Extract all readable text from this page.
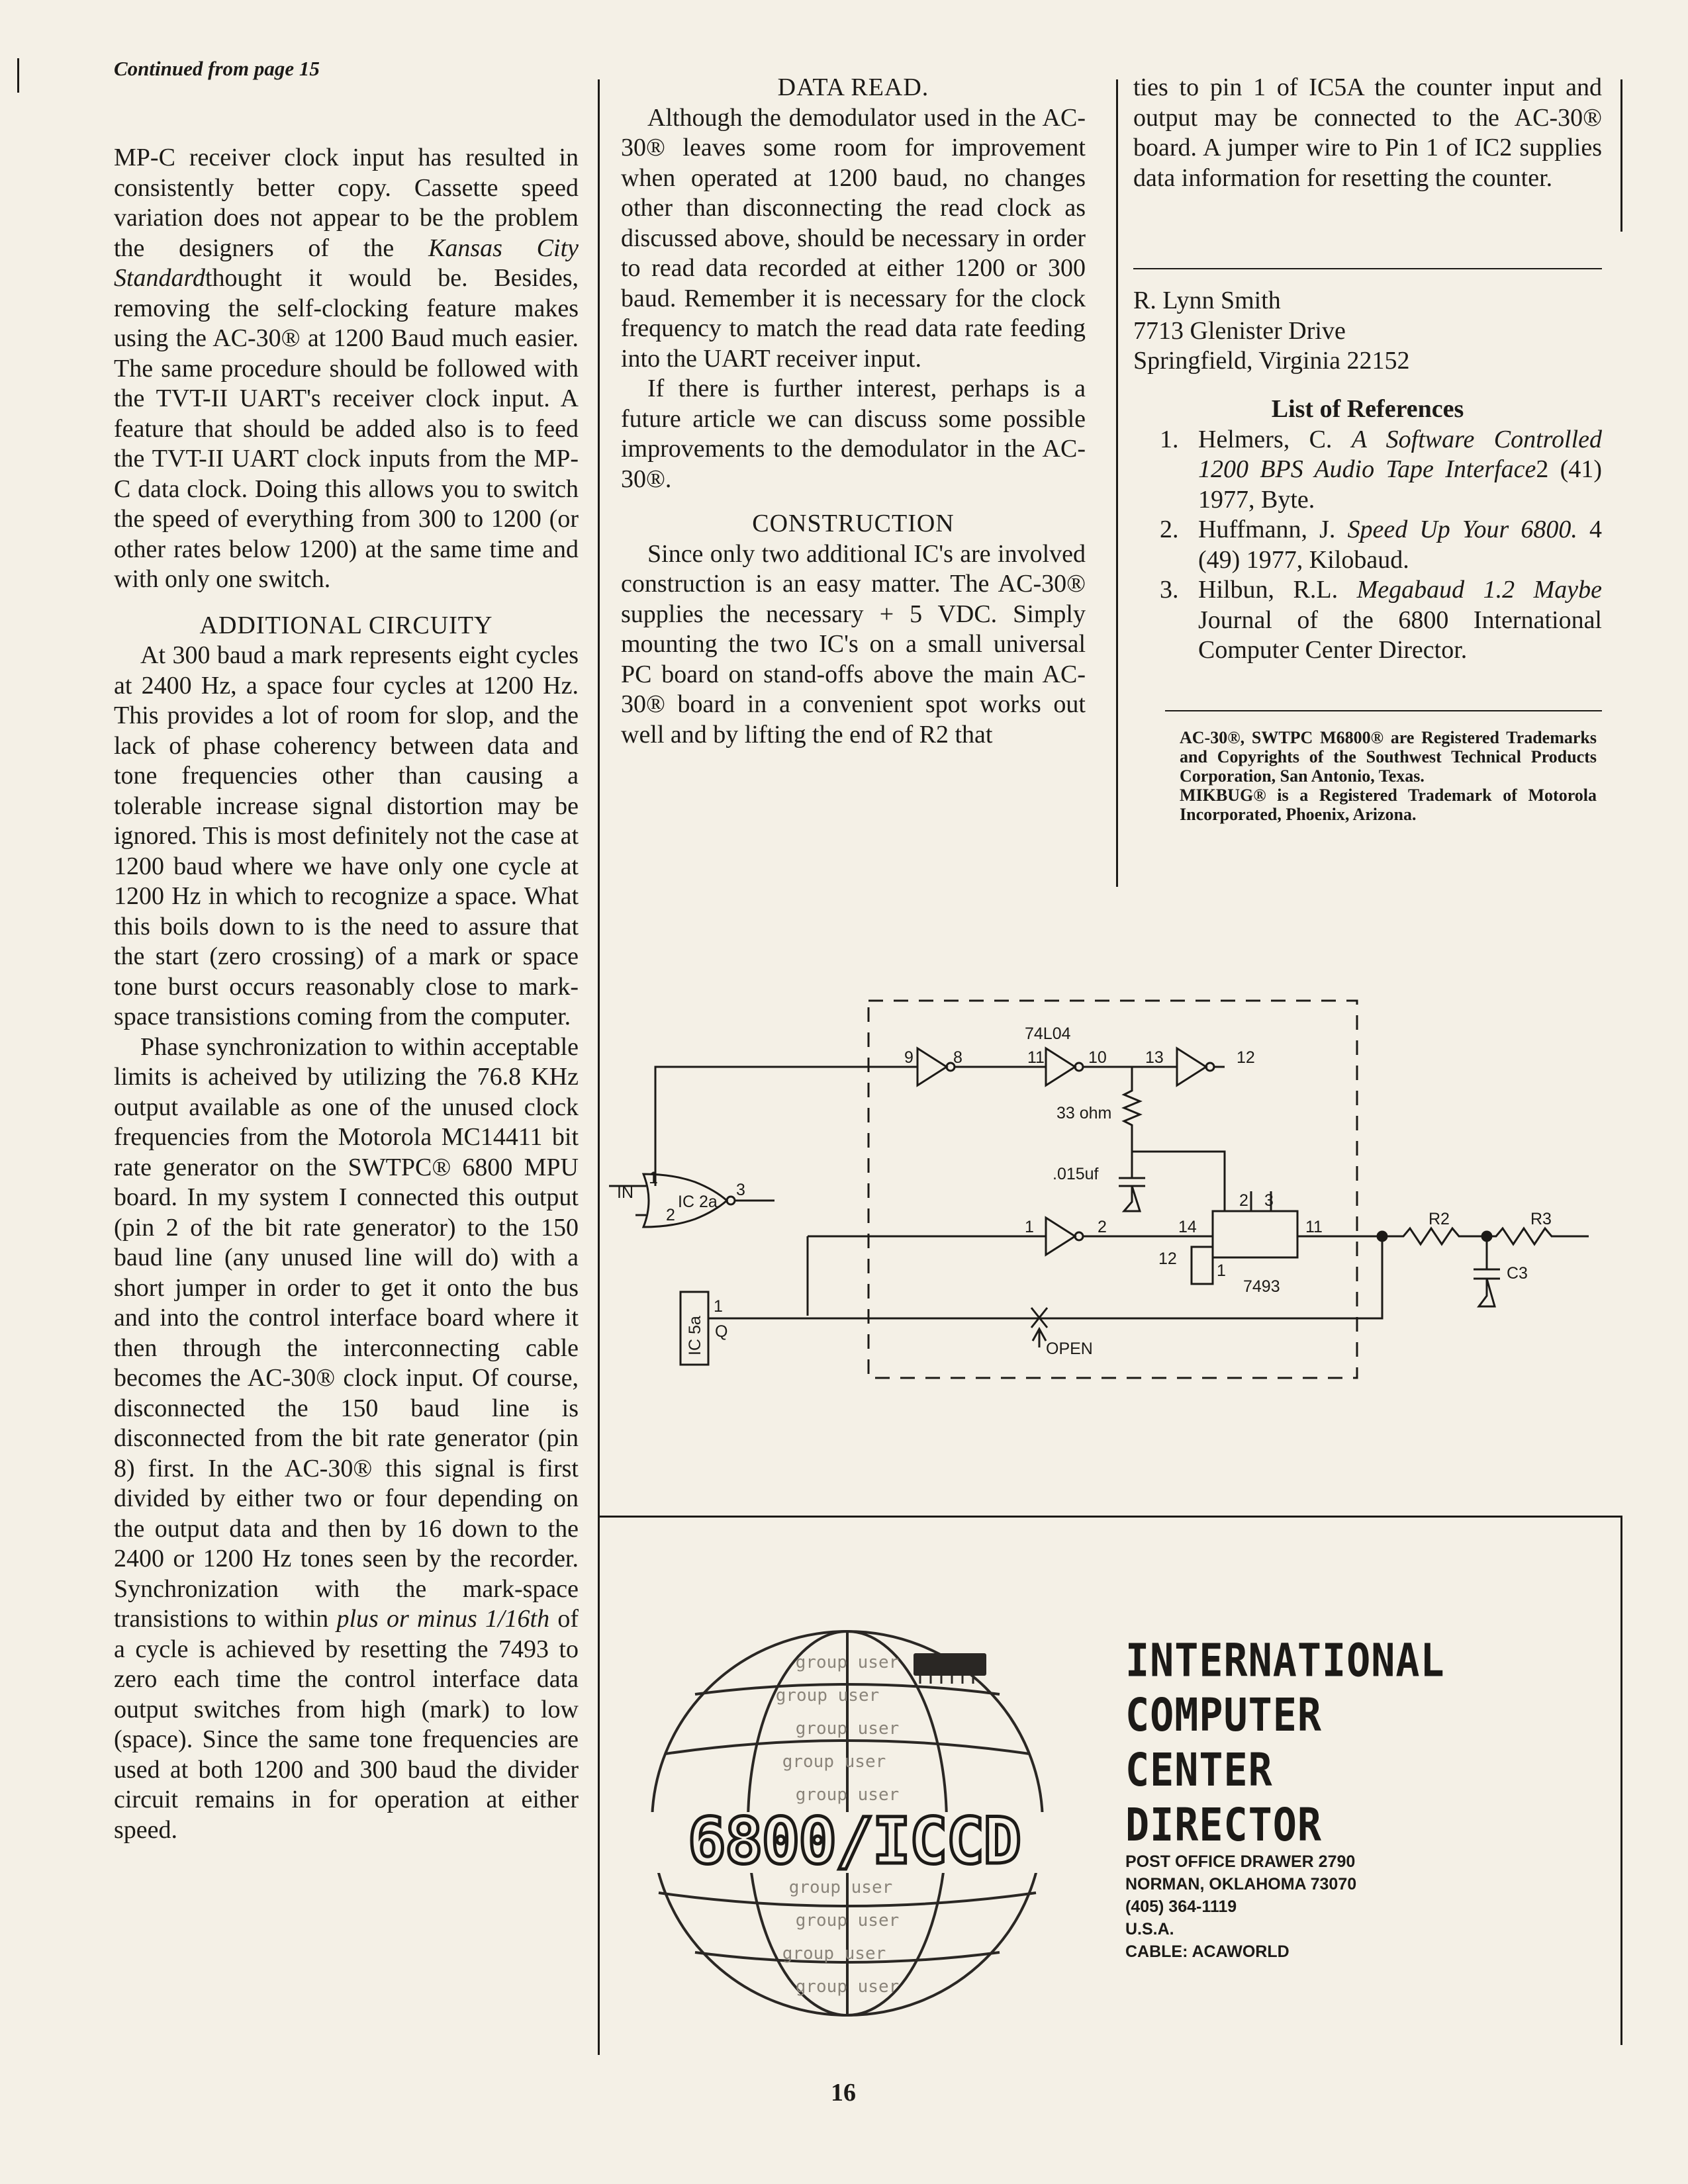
Continued from page 15

MP-C receiver clock input has resulted in consistently better copy. Cassette speed variation does not appear to be the problem the designers of the Kansas City Standardthought it would be. Besides, removing the self-clocking feature makes using the AC-30® at 1200 Baud much easier. The same procedure should be followed with the TVT-II UART's receiver clock input. A feature that should be added also is to feed the TVT-II UART clock inputs from the MP-C data clock. Doing this allows you to switch the speed of everything from 300 to 1200 (or other rates below 1200) at the same time and with only one switch.

ADDITIONAL CIRCUITY

At 300 baud a mark represents eight cycles at 2400 Hz, a space four cycles at 1200 Hz. This provides a lot of room for slop, and the lack of phase coherency between data and tone frequencies other than causing a tolerable increase signal distortion may be ignored. This is most definitely not the case at 1200 baud where we have only one cycle at 1200 Hz in which to recognize a space. What this boils down to is the need to assure that the start (zero crossing) of a mark or space tone burst occurs reasonably close to mark-space transistions coming from the computer.

Phase synchronization to within acceptable limits is acheived by utilizing the 76.8 KHz output available as one of the unused clock frequencies from the Motorola MC14411 bit rate generator on the SWTPC® 6800 MPU board. In my system I connected this output (pin 2 of the bit rate generator) to the 150 baud line (any unused line will do) with a short jumper in order to get it onto the bus and into the control interface board where it then through the interconnecting cable becomes the AC-30® clock input. Of course, disconnected the 150 baud line is disconnected from the bit rate generator (pin 8) first. In the AC-30® this signal is first divided by either two or four depending on the output data and then by 16 down to the 2400 or 1200 Hz tones seen by the recorder. Synchronization with the mark-space transistions to within plus or minus 1/16th of a cycle is achieved by resetting the 7493 to zero each time the control interface data output switches from high (mark) to low (space). Since the same tone frequencies are used at both 1200 and 300 baud the divider circuit remains in for operation at either speed.

DATA READ.

Although the demodulator used in the AC-30® leaves some room for improvement when operated at 1200 baud, no changes other than disconnecting the read clock as discussed above, should be necessary in order to read data recorded at either 1200 or 300 baud. Remember it is necessary for the clock frequency to match the read data rate feeding into the UART receiver input.

If there is further interest, perhaps is a future article we can discuss some possible improvements to the demodulator in the AC-30®.

CONSTRUCTION

Since only two additional IC's are involved construction is an easy matter. The AC-30® supplies the necessary + 5 VDC. Simply mounting the two IC's on a small universal PC board on stand-offs above the main AC-30® board in a convenient spot works out well and by lifting the end of R2 that

ties to pin 1 of IC5A the counter input and output may be connected to the AC-30® board. A jumper wire to Pin 1 of IC2 supplies data information for resetting the counter.

R. Lynn Smith

7713 Glenister Drive

Springfield, Virginia 22152

List of References
1. Helmers, C. A Software Controlled 1200 BPS Audio Tape Interface2 (41) 1977, Byte.
2. Huffmann, J. Speed Up Your 6800. 4 (49) 1977, Kilobaud.
3. Hilbun, R.L. Megabaud 1.2 Maybe Journal of the 6800 International Computer Center Director.

AC-30®, SWTPC M6800® are Registered Trademarks and Copyrights of the Southwest Technical Products Corporation, San Antonio, Texas.

MIKBUG® is a Registered Trademark of Motorola Incorporated, Phoenix, Arizona.

74L04
9 8	11	10 13	12
33 ohm
.015uf
IN
1
2
IC 2a
3
1	2
2 3
14	11
12
1
7493
1
Q
IC 5a	OPEN
R2	R3
C3
group user
group user
group user
group user
group user
group user
group user
group user
group user
6800/ICCD
INTERNATIONAL
COMPUTER
CENTER
DIRECTOR
POST OFFICE DRAWER 2790
NORMAN, OKLAHOMA 73070
(405) 364-1119
U.S.A.
CABLE: ACAWORLD
16
